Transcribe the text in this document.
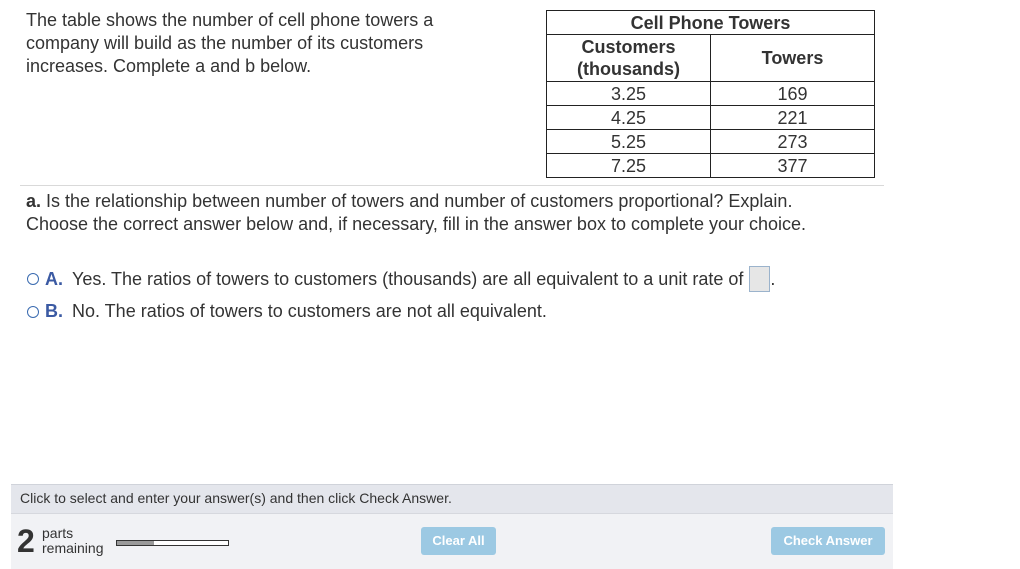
The table shows the number of cell phone towers a company will build as the number of its customers increases. Complete a and b below.
Cell Phone Towers	
Customers
(thousands)	Towers
3.25	169
4.25	221
5.25	273
7.25	377
a. Is the relationship between number of towers and number of customers proportional? Explain.
Choose the correct answer below and, if necessary, fill in the answer box to complete your choice.
A. Yes. The ratios of towers to customers (thousands) are all equivalent to a unit rate of .
B. No. The ratios of towers to customers are not all equivalent.
Click to select and enter your answer(s) and then click Check Answer.
2 parts
remaining	Clear All	Check Answer
